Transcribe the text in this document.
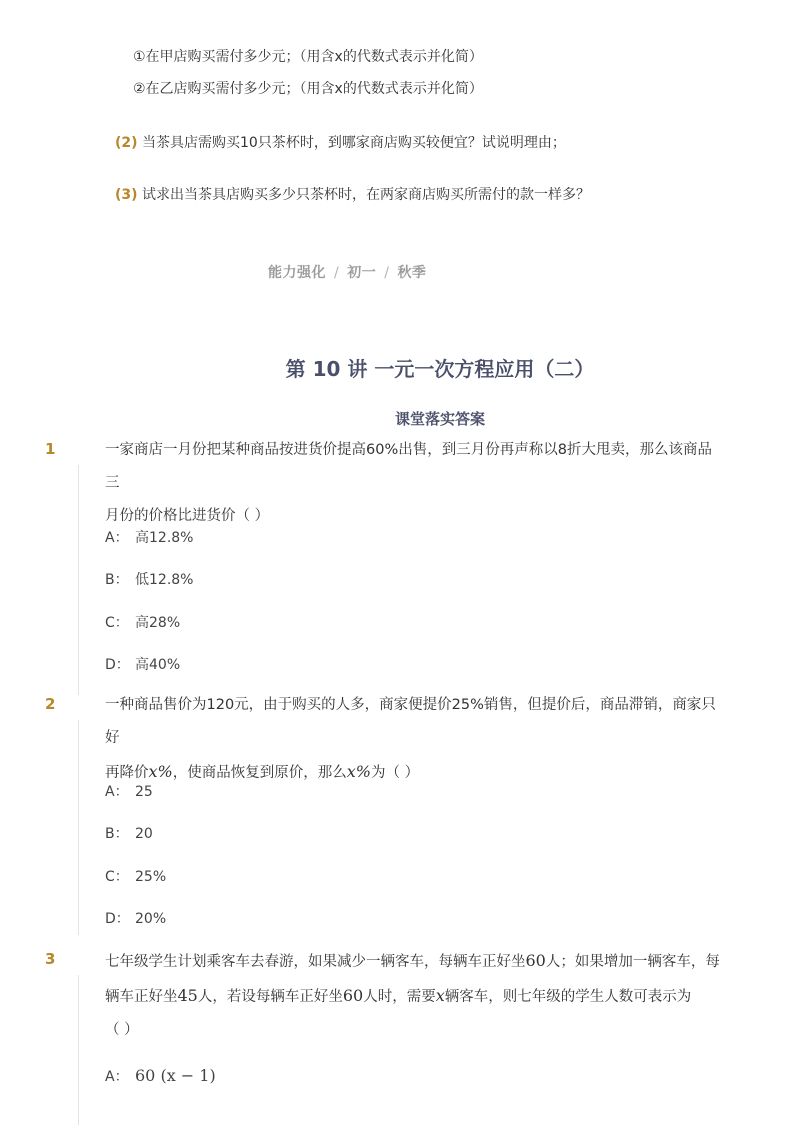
①在甲店购买需付多少元；（用含x的代数式表示并化简）
②在乙店购买需付多少元；（用含x的代数式表示并化简）
(2) 当茶具店需购买10只茶杯时，到哪家商店购买较便宜？试说明理由；
(3) 试求出当茶具店购买多少只茶杯时，在两家商店购买所需付的款一样多？
能力强化 / 初一 / 秋季
第 10 讲 一元一次方程应用（二）
课堂落实答案
1	一家商店一月份把某种商品按进货价提高60%出售，到三月份再声称以8折大甩卖，那么该商品三
月份的价格比进货价（ ）
A： 高12.8%
B： 低12.8%
C： 高28%
D： 高40%
2	一种商品售价为120元，由于购买的人多，商家便提价25%销售，但提价后，商品滞销，商家只好
再降价x%，使商品恢复到原价，那么x%为（ ）
A： 25
B： 20
C： 25%
D： 20%
3	七年级学生计划乘客车去春游，如果减少一辆客车，每辆车正好坐60人；如果增加一辆客车，每
辆车正好坐45人，若设每辆车正好坐60人时，需要x辆客车，则七年级的学生人数可表示为
（ ）
A： 60 (x − 1)
